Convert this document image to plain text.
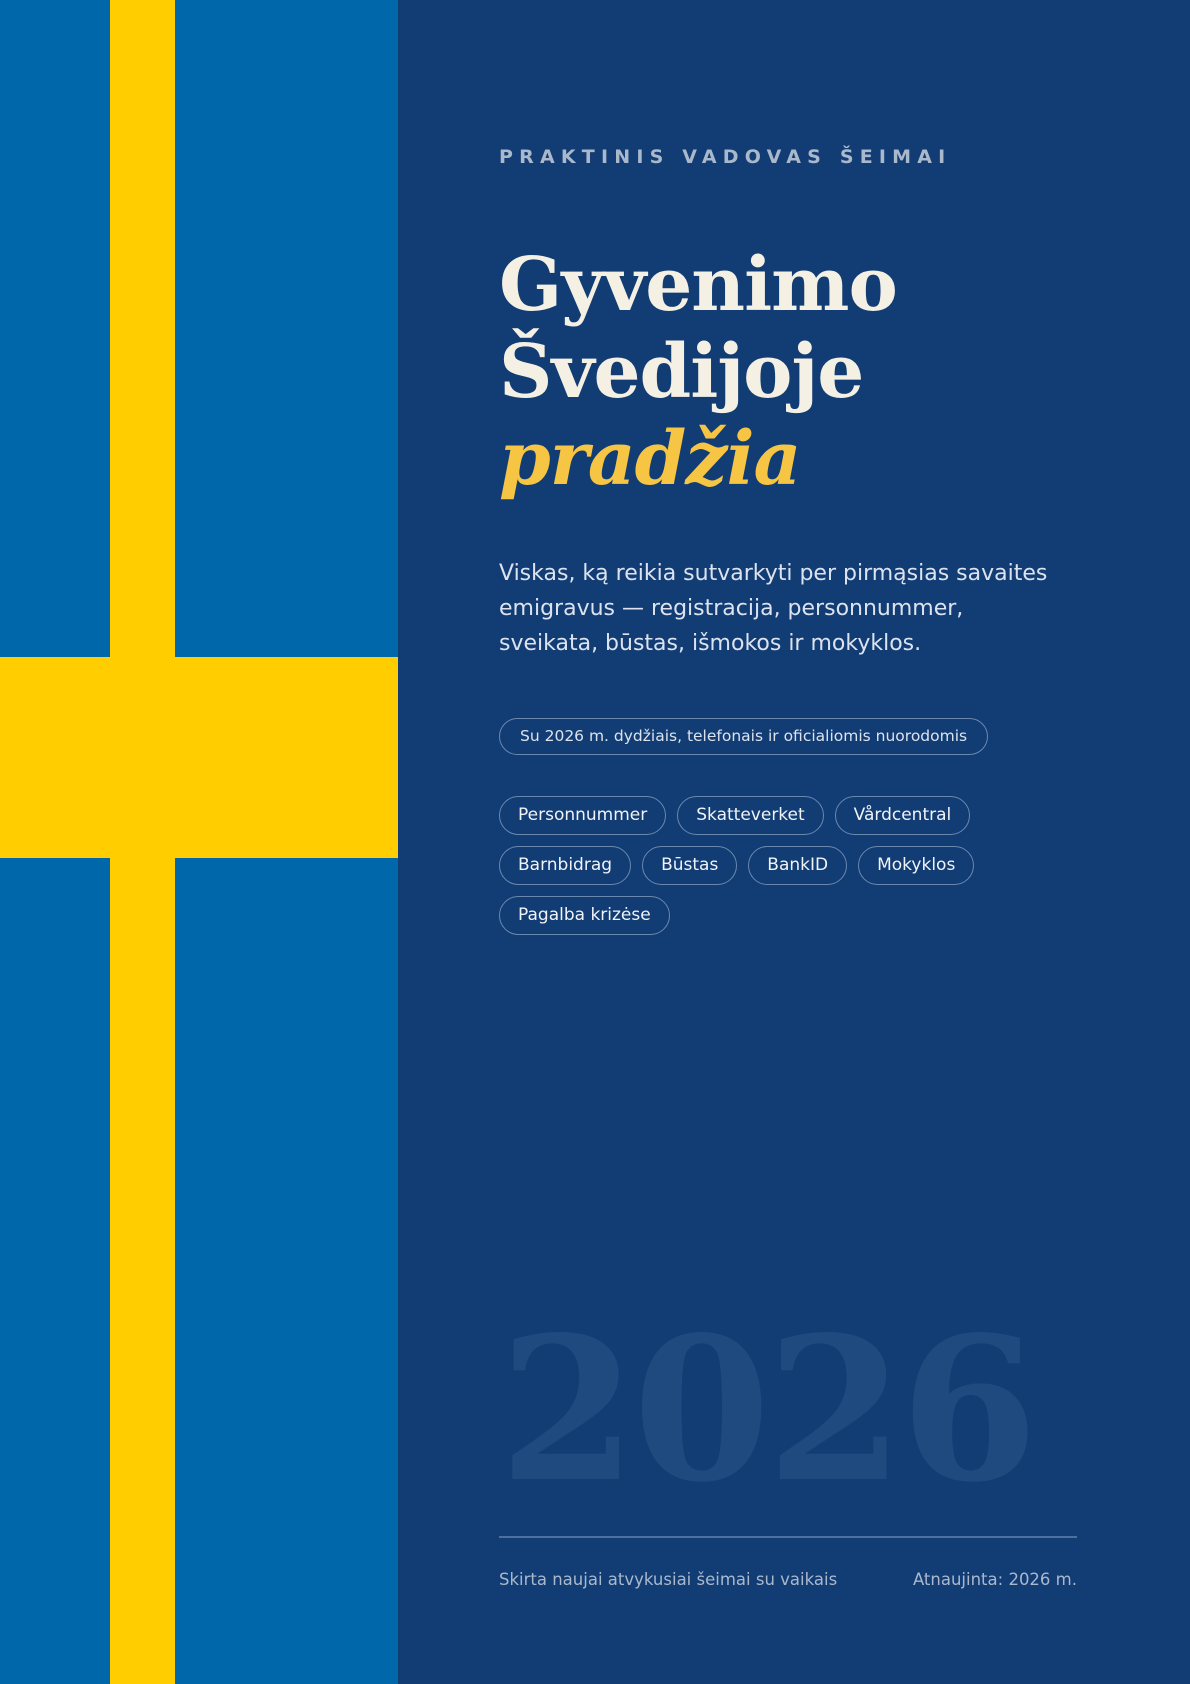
PRAKTINIS VADOVAS ŠEIMAI
Gyvenimo
Švedijoje
pradžia

Viskas, ką reikia sutvarkyti per pirmąsias savaites emigravus — registracija, personnummer, sveikata, būstas, išmokos ir mokyklos.

Su 2026 m. dydžiais, telefonais ir oficialiomis nuorodomis
Personnummer	Skatteverket	Vårdcentral
Barnbidrag	Būstas	BankID	Mokyklos
Pagalba krizėse
2026
Skirta naujai atvykusiai šeimai su vaikais	Atnaujinta: 2026 m.
